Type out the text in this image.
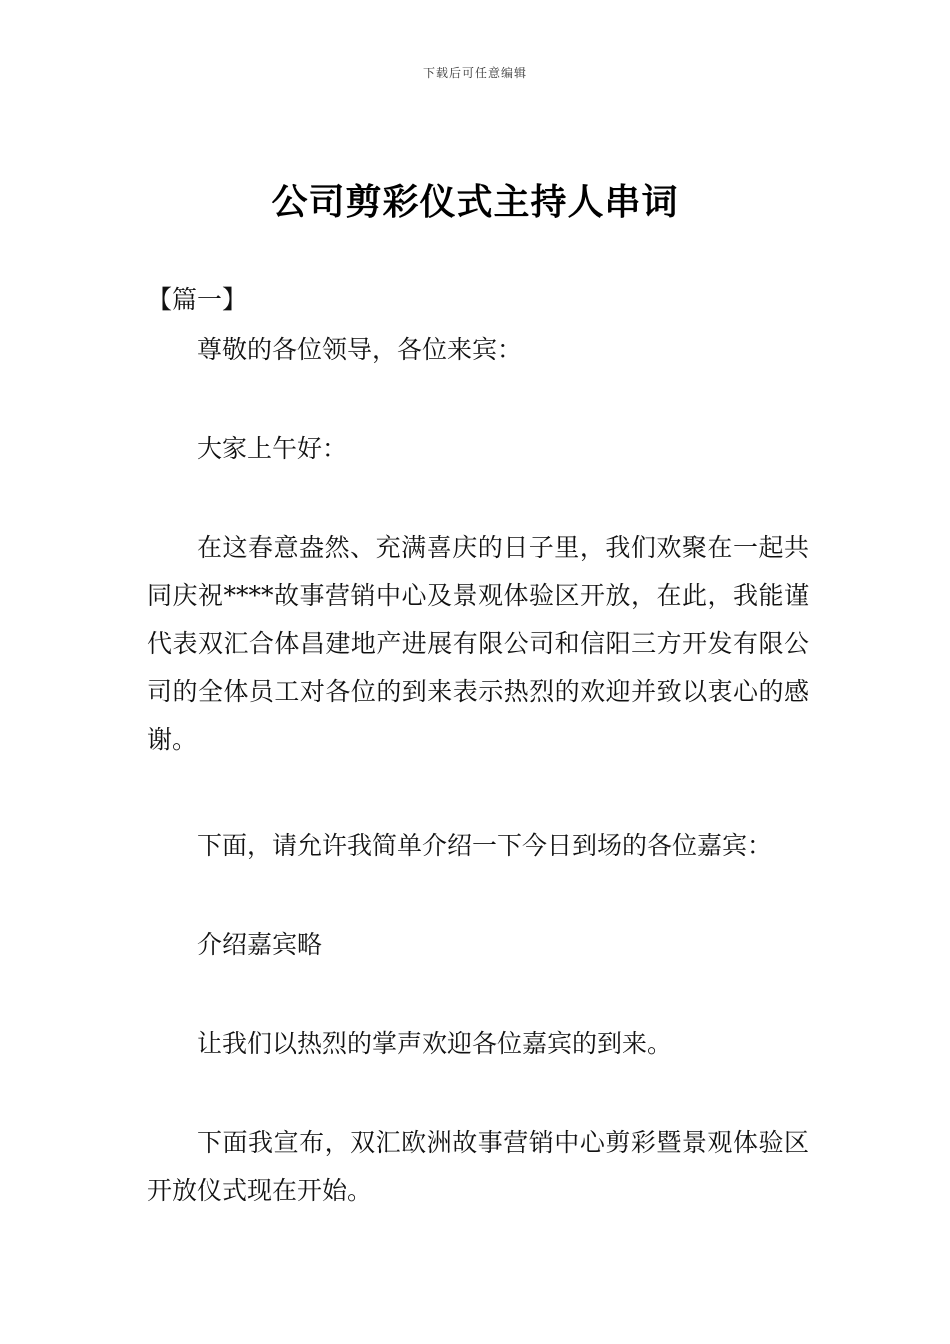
下载后可任意编辑
公司剪彩仪式主持人串词

【篇一】

尊敬的各位领导，各位来宾：

大家上午好：

在这春意盎然、充满喜庆的日子里，我们欢聚在一起共同庆祝****故事营销中心及景观体验区开放，在此，我能谨代表双汇合体昌建地产进展有限公司和信阳三方开发有限公司的全体员工对各位的到来表示热烈的欢迎并致以衷心的感谢。

下面，请允许我简单介绍一下今日到场的各位嘉宾：

介绍嘉宾略

让我们以热烈的掌声欢迎各位嘉宾的到来。

下面我宣布，双汇欧洲故事营销中心剪彩暨景观体验区开放仪式现在开始。
